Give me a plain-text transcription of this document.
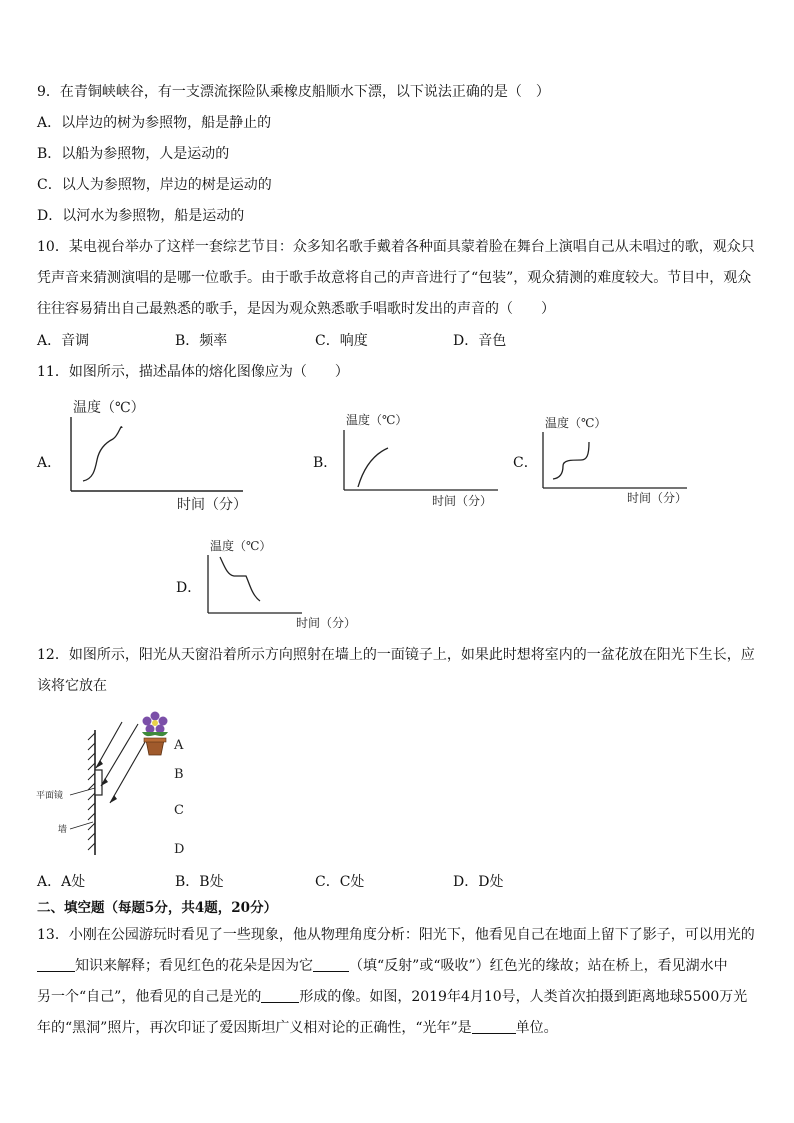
9．在青铜峡峡谷，有一支漂流探险队乘橡皮船顺水下漂，以下说法正确的是（　）
A．以岸边的树为参照物，船是静止的
B．以船为参照物，人是运动的
C．以人为参照物，岸边的树是运动的
D．以河水为参照物，船是运动的
10．某电视台举办了这样一套综艺节目：众多知名歌手戴着各种面具蒙着脸在舞台上演唱自己从未唱过的歌，观众只
凭声音来猜测演唱的是哪一位歌手。由于歌手故意将自己的声音进行了“包装”，观众猜测的难度较大。节目中，观众
往往容易猜出自己最熟悉的歌手，是因为观众熟悉歌手唱歌时发出的声音的（　　）
A．音调	B．频率	C．响度	D．音色
11．如图所示，描述晶体的熔化图像应为（　　）
A．
温度（℃）
时间（分）
B．
温度（℃）
时间（分）
C．
温度（℃）
时间（分）
D．
温度（℃）
时间（分）
12．如图所示，阳光从天窗沿着所示方向照射在墙上的一面镜子上，如果此时想将室内的一盆花放在阳光下生长，应
该将它放在
平面镜
墙
A
B
C
D
A．A处	B．B处	C．C处	D．D处
二、填空题（每题5分，共4题，20分）
13．小刚在公园游玩时看见了一些现象，他从物理角度分析：阳光下，他看见自己在地面上留下了影子，可以用光的
知识来解释；看见红色的花朵是因为它	（填“反射”或“吸收”）红色光的缘故；站在桥上，看见湖水中
另一个“自己”，他看见的自己是光的	形成的像。如图，2019年4月10号，人类首次拍摄到距离地球5500万光
年的“黑洞”照片，再次印证了爱因斯坦广义相对论的正确性，“光年”是	单位。
